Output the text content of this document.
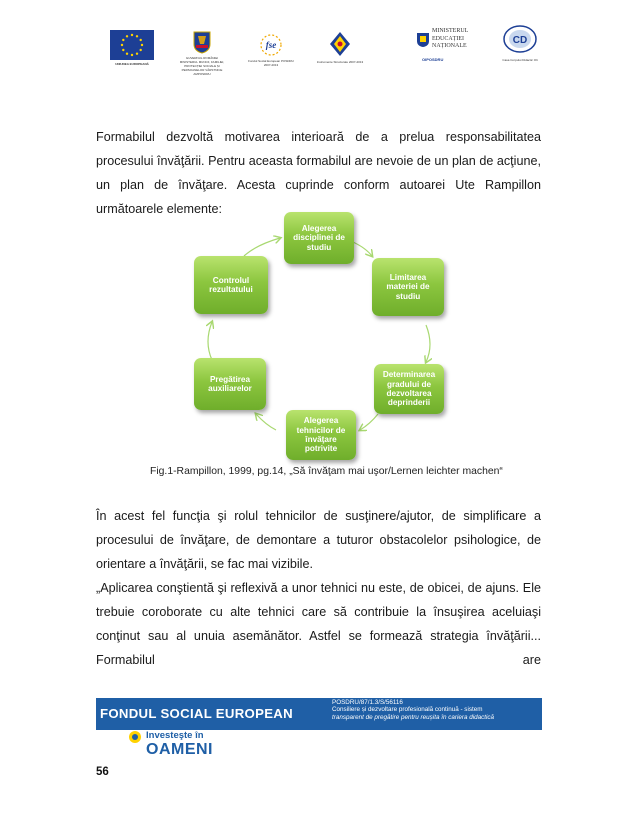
UNIUNEA EUROPEANĂ
GUVERNUL ROMÂNIEI MINISTERUL MUNCII, FAMILIEI, PROTECȚIEI SOCIALE ȘI PERSOANELOR VÂRSTNICE AMPOSDRU
fse
Fondul Social European POSDRU 2007-2013
Instrumente Structurale 2007-2013
MINISTERUL EDUCAȚIEI NAȚIONALE
OIPOSDRU
CD
Casa Corpului Didactic Olt
Formabilul dezvoltă motivarea interioară de a prelua responsabilitatea procesului învăţării. Pentru aceasta formabilul are nevoie de un plan de acţiune, un plan de învăţare. Acesta cuprinde conform autoarei Ute Rampillon următoarele elemente:
Alegerea disciplinei de studiu
Limitarea materiei de studiu
Determinarea gradului de dezvoltarea deprinderii
Alegerea tehnicilor de învăţare potrivite
Pregătirea auxiliarelor
Controlul rezultatului
Fig.1-Rampillon, 1999, pg.14, „Să învăţam mai uşor/Lernen leichter machen“
În acest fel funcţia şi rolul tehnicilor de susţinere/ajutor, de simplificare a procesului de învăţare, de demontare a tuturor obstacolelor psihologice, de orientare a învăţării, se fac mai vizibile.
„Aplicarea conştientă şi reflexivă a unor tehnici nu este, de obicei, de ajuns. Ele trebuie coroborate cu alte tehnici care să contribuie la însuşirea aceluiaşi conţinut sau al unuia asemănător. Astfel se formează strategia învăţării... Formabilul are
FONDUL SOCIAL EUROPEAN
POSDRU/87/1.3/S/56116
Consiliere și dezvoltare profesională continuă - sistem
transparent de pregătire pentru reușita în cariera didactică
Investeşte în
OAMENI
56
